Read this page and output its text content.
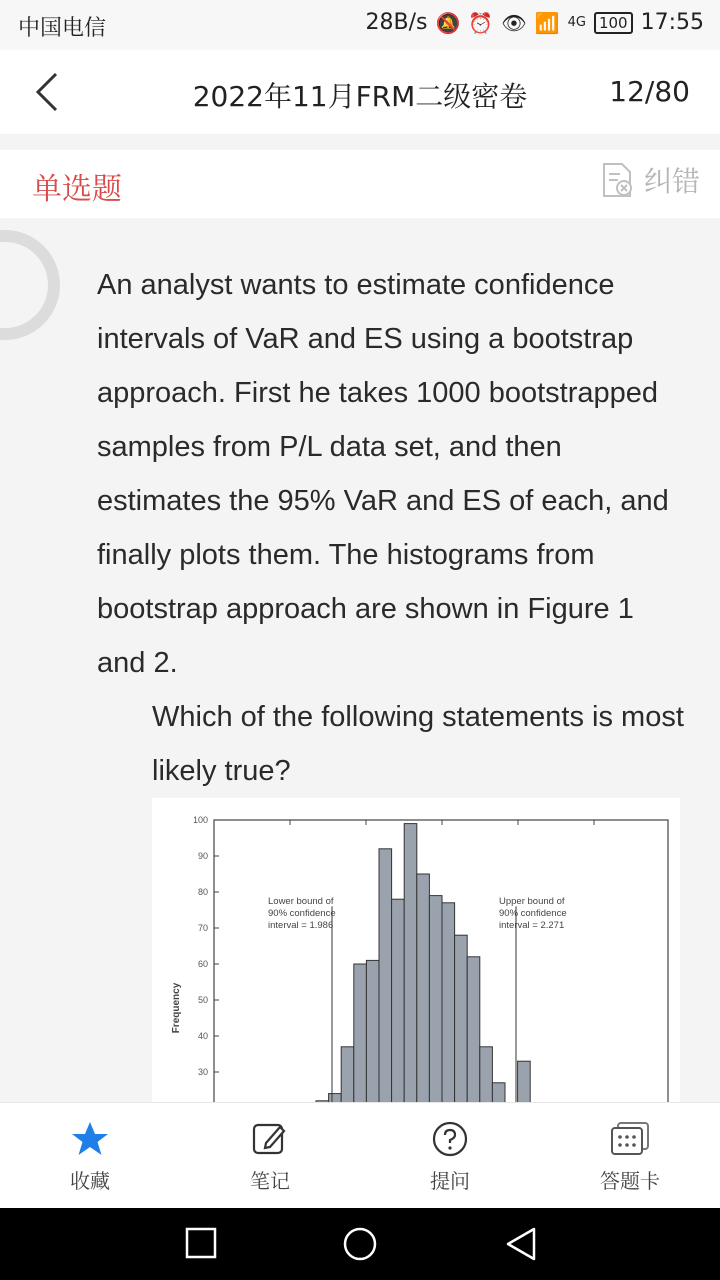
中国电信	28B/s 🔕 ⏰ 👁 📶 4G 100 17:55
2022年11月FRM二级密卷	12/80
单选题	纠错

An analyst wants to estimate confidence intervals of VaR and ES using a bootstrap approach. First he takes 1000 bootstrapped samples from P/L data set, and then estimates the 95% VaR and ES of each, and finally plots them. The histograms from bootstrap approach are shown in Figure 1 and 2.

Which of the following statements is most likely true?

Frequency
30
40
50
60
70
80
90
100
Lower bound of
90% confidence
interval = 1.986
Upper bound of
90% confidence
interval = 2.271
收藏	笔记	提问	答题卡
